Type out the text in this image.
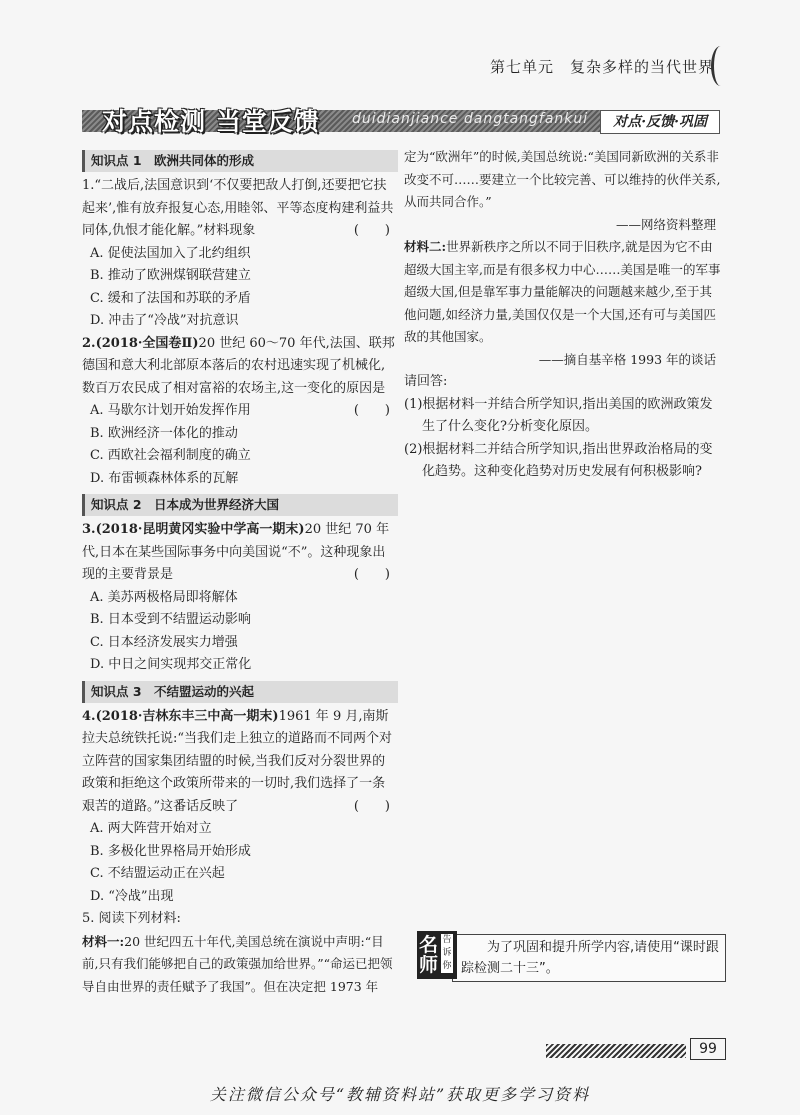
第七单元　复杂多样的当代世界
对点检测 当堂反馈 duidianjiance dangtangfankui	对点·反馈·巩固
知识点 1　欧洲共同体的形成
1.“二战后,法国意识到‘不仅要把敌人打倒,还要把它扶起来’,惟有放弃报复心态,用睦邻、平等态度构建利益共同体,仇恨才能化解。”材料现象	(　　)
A. 促使法国加入了北约组织
B. 推动了欧洲煤钢联营建立
C. 缓和了法国和苏联的矛盾
D. 冲击了“冷战”对抗意识
2.(2018·全国卷Ⅱ)20 世纪 60～70 年代,法国、联邦德国和意大利北部原本落后的农村迅速实现了机械化,数百万农民成了相对富裕的农场主,这一变化的原因是
(　　)
A. 马歇尔计划开始发挥作用
B. 欧洲经济一体化的推动
C. 西欧社会福利制度的确立
D. 布雷顿森林体系的瓦解
知识点 2　日本成为世界经济大国
3.(2018·昆明黄冈实验中学高一期末)20 世纪 70 年代,日本在某些国际事务中向美国说“不”。这种现象出现的主要背景是	(　　)
A. 美苏两极格局即将解体
B. 日本受到不结盟运动影响
C. 日本经济发展实力增强
D. 中日之间实现邦交正常化
知识点 3　不结盟运动的兴起
4.(2018·吉林东丰三中高一期末)1961 年 9 月,南斯拉夫总统铁托说:“当我们走上独立的道路而不同两个对立阵营的国家集团结盟的时候,当我们反对分裂世界的政策和拒绝这个政策所带来的一切时,我们选择了一条艰苦的道路。”这番话反映了	(　　)
A. 两大阵营开始对立
B. 多极化世界格局开始形成
C. 不结盟运动正在兴起
D. “冷战”出现
5. 阅读下列材料:
材料一:20 世纪四五十年代,美国总统在演说中声明:“目前,只有我们能够把自己的政策强加给世界。”“命运已把领导自由世界的责任赋予了我国”。但在决定把 1973 年
定为“欧洲年”的时候,美国总统说:“美国同新欧洲的关系非改变不可……要建立一个比较完善、可以维持的伙伴关系,从而共同合作。”
——网络资料整理
材料二:世界新秩序之所以不同于旧秩序,就是因为它不由超级大国主宰,而是有很多权力中心……美国是唯一的军事超级大国,但是靠军事力量能解决的问题越来越少,至于其他问题,如经济力量,美国仅仅是一个大国,还有可与美国匹敌的其他国家。
——摘自基辛格 1993 年的谈话
请回答:
(1)根据材料一并结合所学知识,指出美国的欧洲政策发生了什么变化?分析变化原因。
(2)根据材料二并结合所学知识,指出世界政治格局的变化趋势。这种变化趋势对历史发展有何积极影响?
名师
告诉你
为了巩固和提升所学内容,请使用“课时跟踪检测二十三”。
99
关注微信公众号“教辅资料站”获取更多学习资料
